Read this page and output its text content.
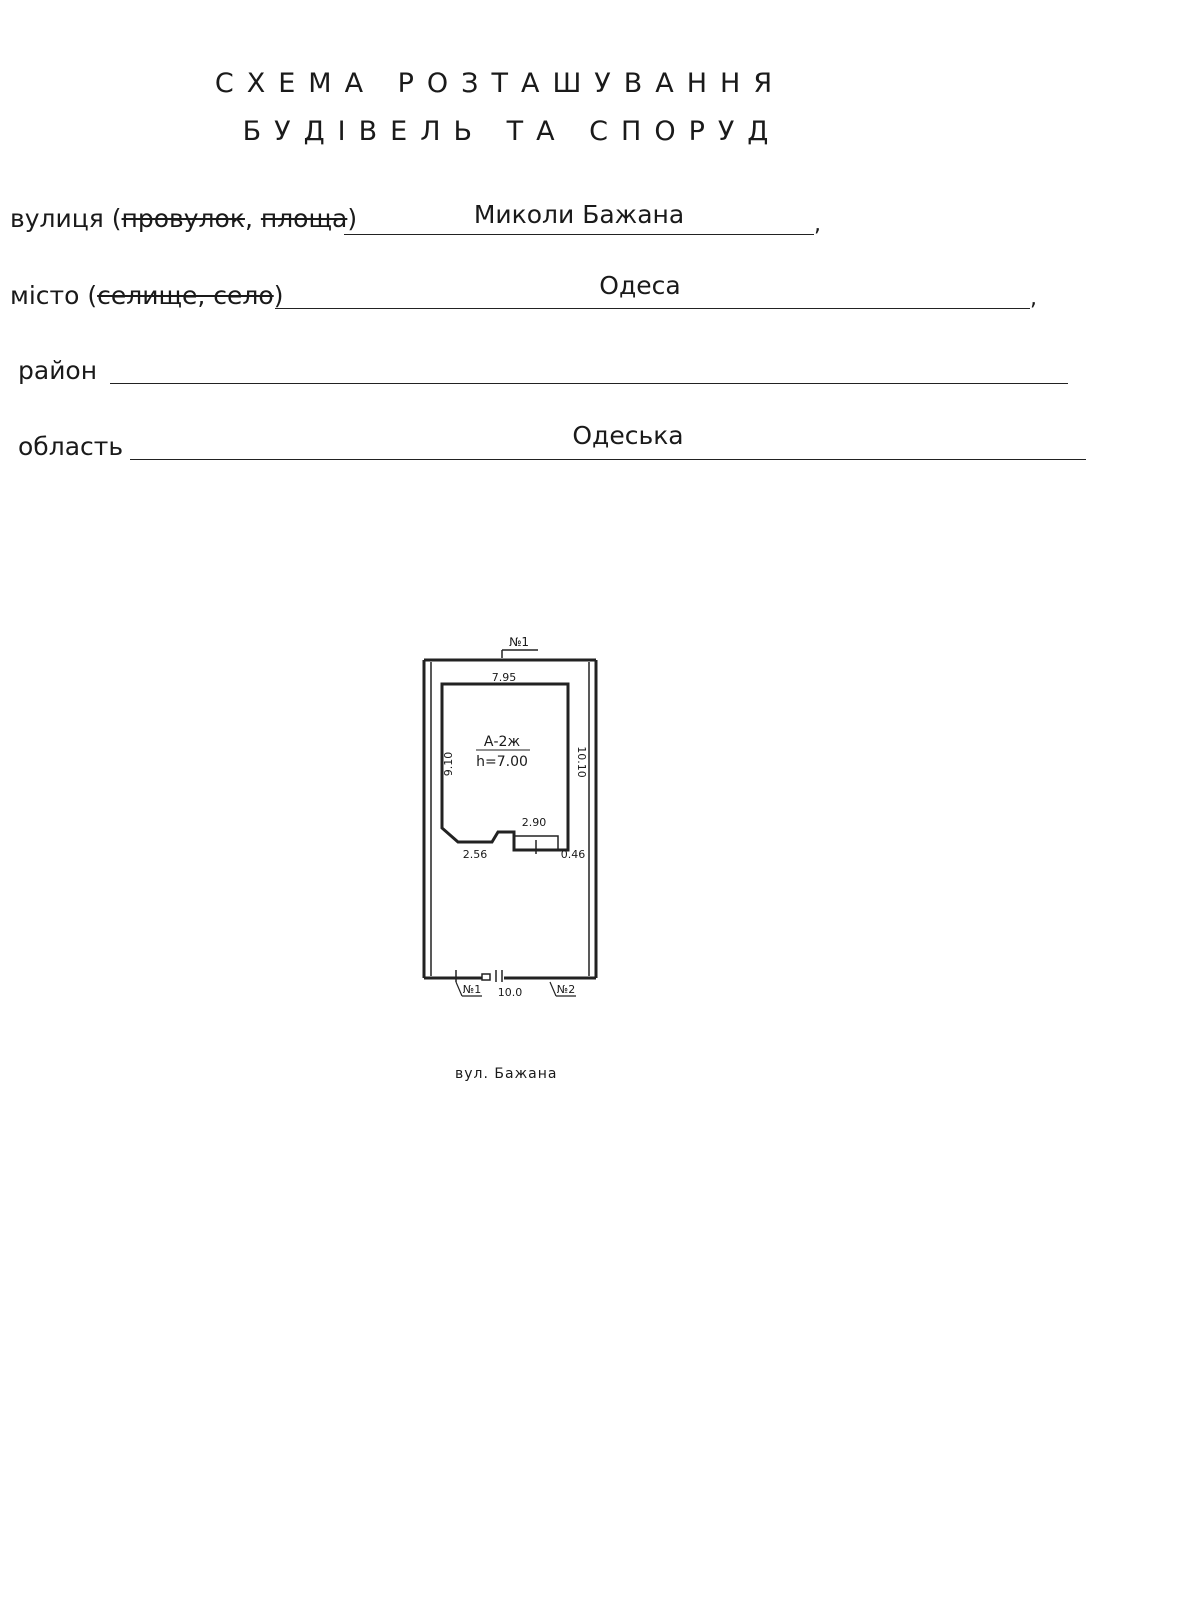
СХЕМА РОЗТАШУВАННЯ
БУДІВЕЛЬ ТА СПОРУД
вулиця (провулок, площа)	Миколи Бажана	,
місто (селище, село)	Одеса	,
район
область	Одеська
№1
А-2ж
h=7.00
7.95
9.10	10.10
2.90
2.56	0.46
№1 10.0	№2
вул. Бажана
